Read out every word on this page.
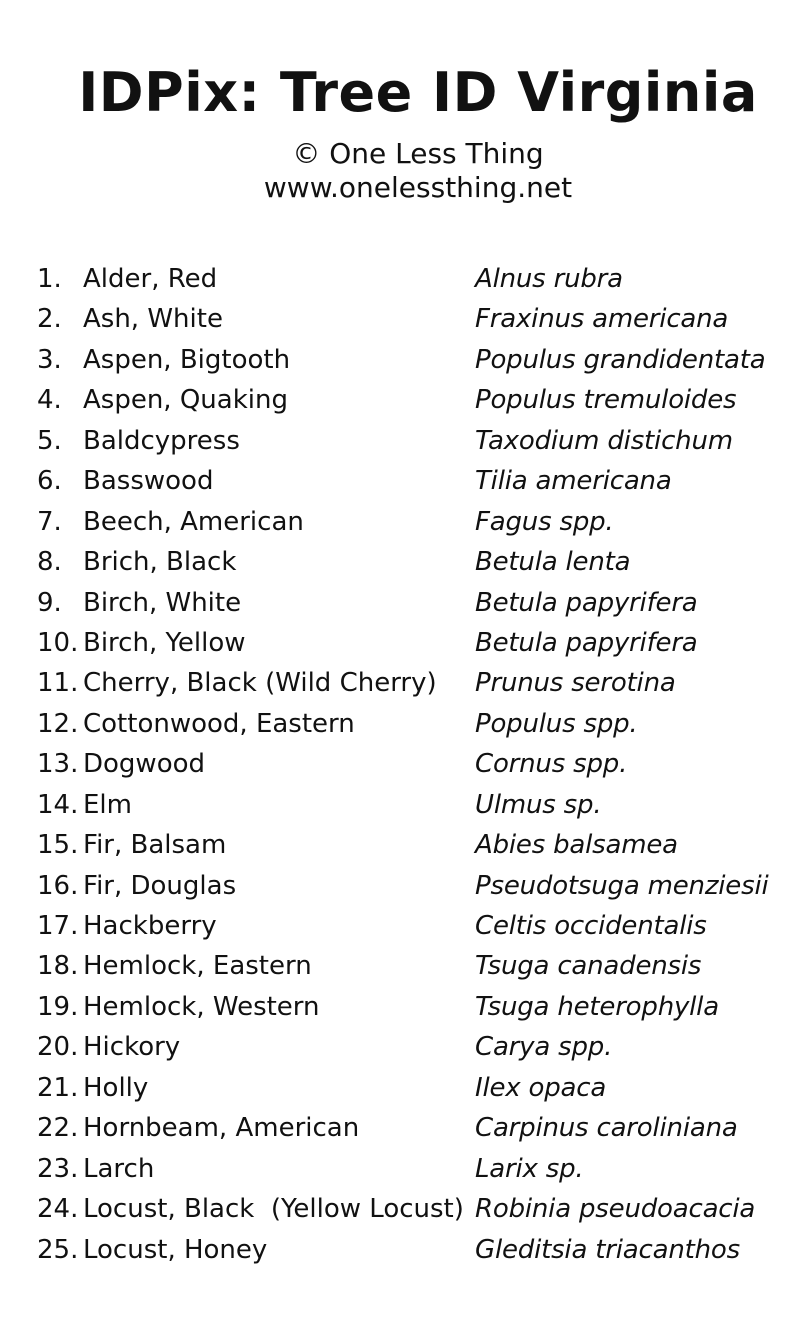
IDPix: Tree ID Virginia
© One Less Thing
www.onelessthing.net
1. Alder, Red	Alnus rubra
2. Ash, White	Fraxinus americana
3. Aspen, Bigtooth	Populus grandidentata
4. Aspen, Quaking	Populus tremuloides
5. Baldcypress	Taxodium distichum
6. Basswood	Tilia americana
7. Beech, American	Fagus spp.
8. Brich, Black	Betula lenta
9. Birch, White	Betula papyrifera
10. Birch, Yellow	Betula papyrifera
11. Cherry, Black (Wild Cherry) Prunus serotina
12. Cottonwood, Eastern	Populus spp.
13. Dogwood	Cornus spp.
14. Elm	Ulmus sp.
15. Fir, Balsam	Abies balsamea
16. Fir, Douglas	Pseudotsuga menziesii
17. Hackberry	Celtis occidentalis
18. Hemlock, Eastern	Tsuga canadensis
19. Hemlock, Western	Tsuga heterophylla
20. Hickory	Carya spp.
21. Holly	Ilex opaca
22. Hornbeam, American	Carpinus caroliniana
23. Larch	Larix sp.
24. Locust, Black  (Yellow Locust) Robinia pseudoacacia
25. Locust, Honey	Gleditsia triacanthos
